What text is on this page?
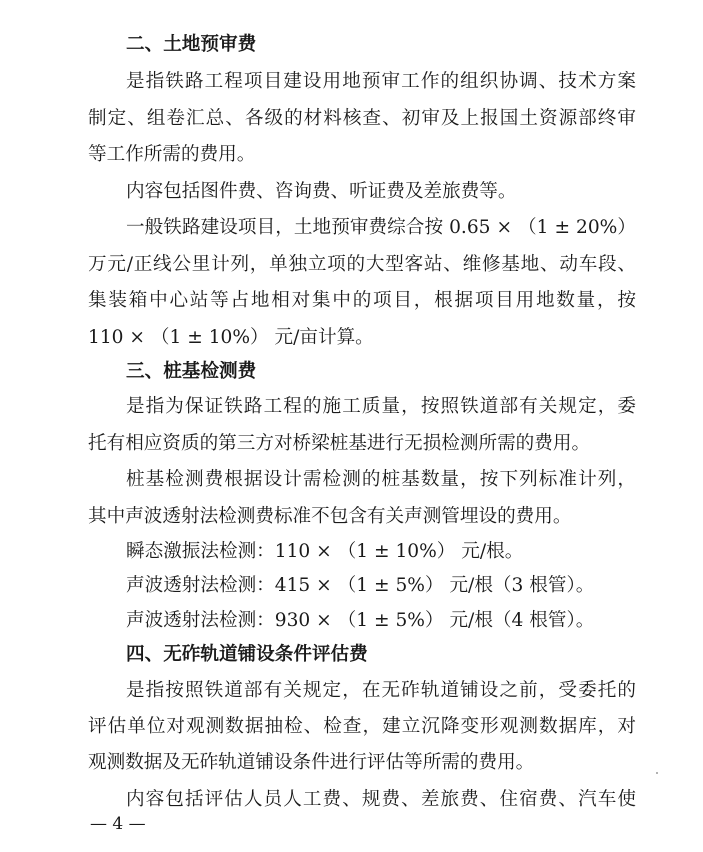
二、土地预审费
是指铁路工程项目建设用地预审工作的组织协调、技术方案
制定、组卷汇总、各级的材料核查、初审及上报国土资源部终审
等工作所需的费用。
内容包括图件费、咨询费、听证费及差旅费等。
一般铁路建设项目，土地预审费综合按 0.65 × （1 ± 20%）
万元/正线公里计列，单独立项的大型客站、维修基地、动车段、
集装箱中心站等占地相对集中的项目，根据项目用地数量，按
110 × （1 ± 10%） 元/亩计算。
三、桩基检测费
是指为保证铁路工程的施工质量，按照铁道部有关规定，委
托有相应资质的第三方对桥梁桩基进行无损检测所需的费用。
桩基检测费根据设计需检测的桩基数量，按下列标准计列，
其中声波透射法检测费标准不包含有关声测管埋设的费用。
瞬态激振法检测：110 × （1 ± 10%） 元/根。
声波透射法检测：415 × （1 ± 5%） 元/根（3 根管）。
声波透射法检测：930 × （1 ± 5%） 元/根（4 根管）。
四、无砟轨道铺设条件评估费
是指按照铁道部有关规定，在无砟轨道铺设之前，受委托的
评估单位对观测数据抽检、检查，建立沉降变形观测数据库，对
观测数据及无砟轨道铺设条件进行评估等所需的费用。
内容包括评估人员人工费、规费、差旅费、住宿费、汽车使
— 4 —
